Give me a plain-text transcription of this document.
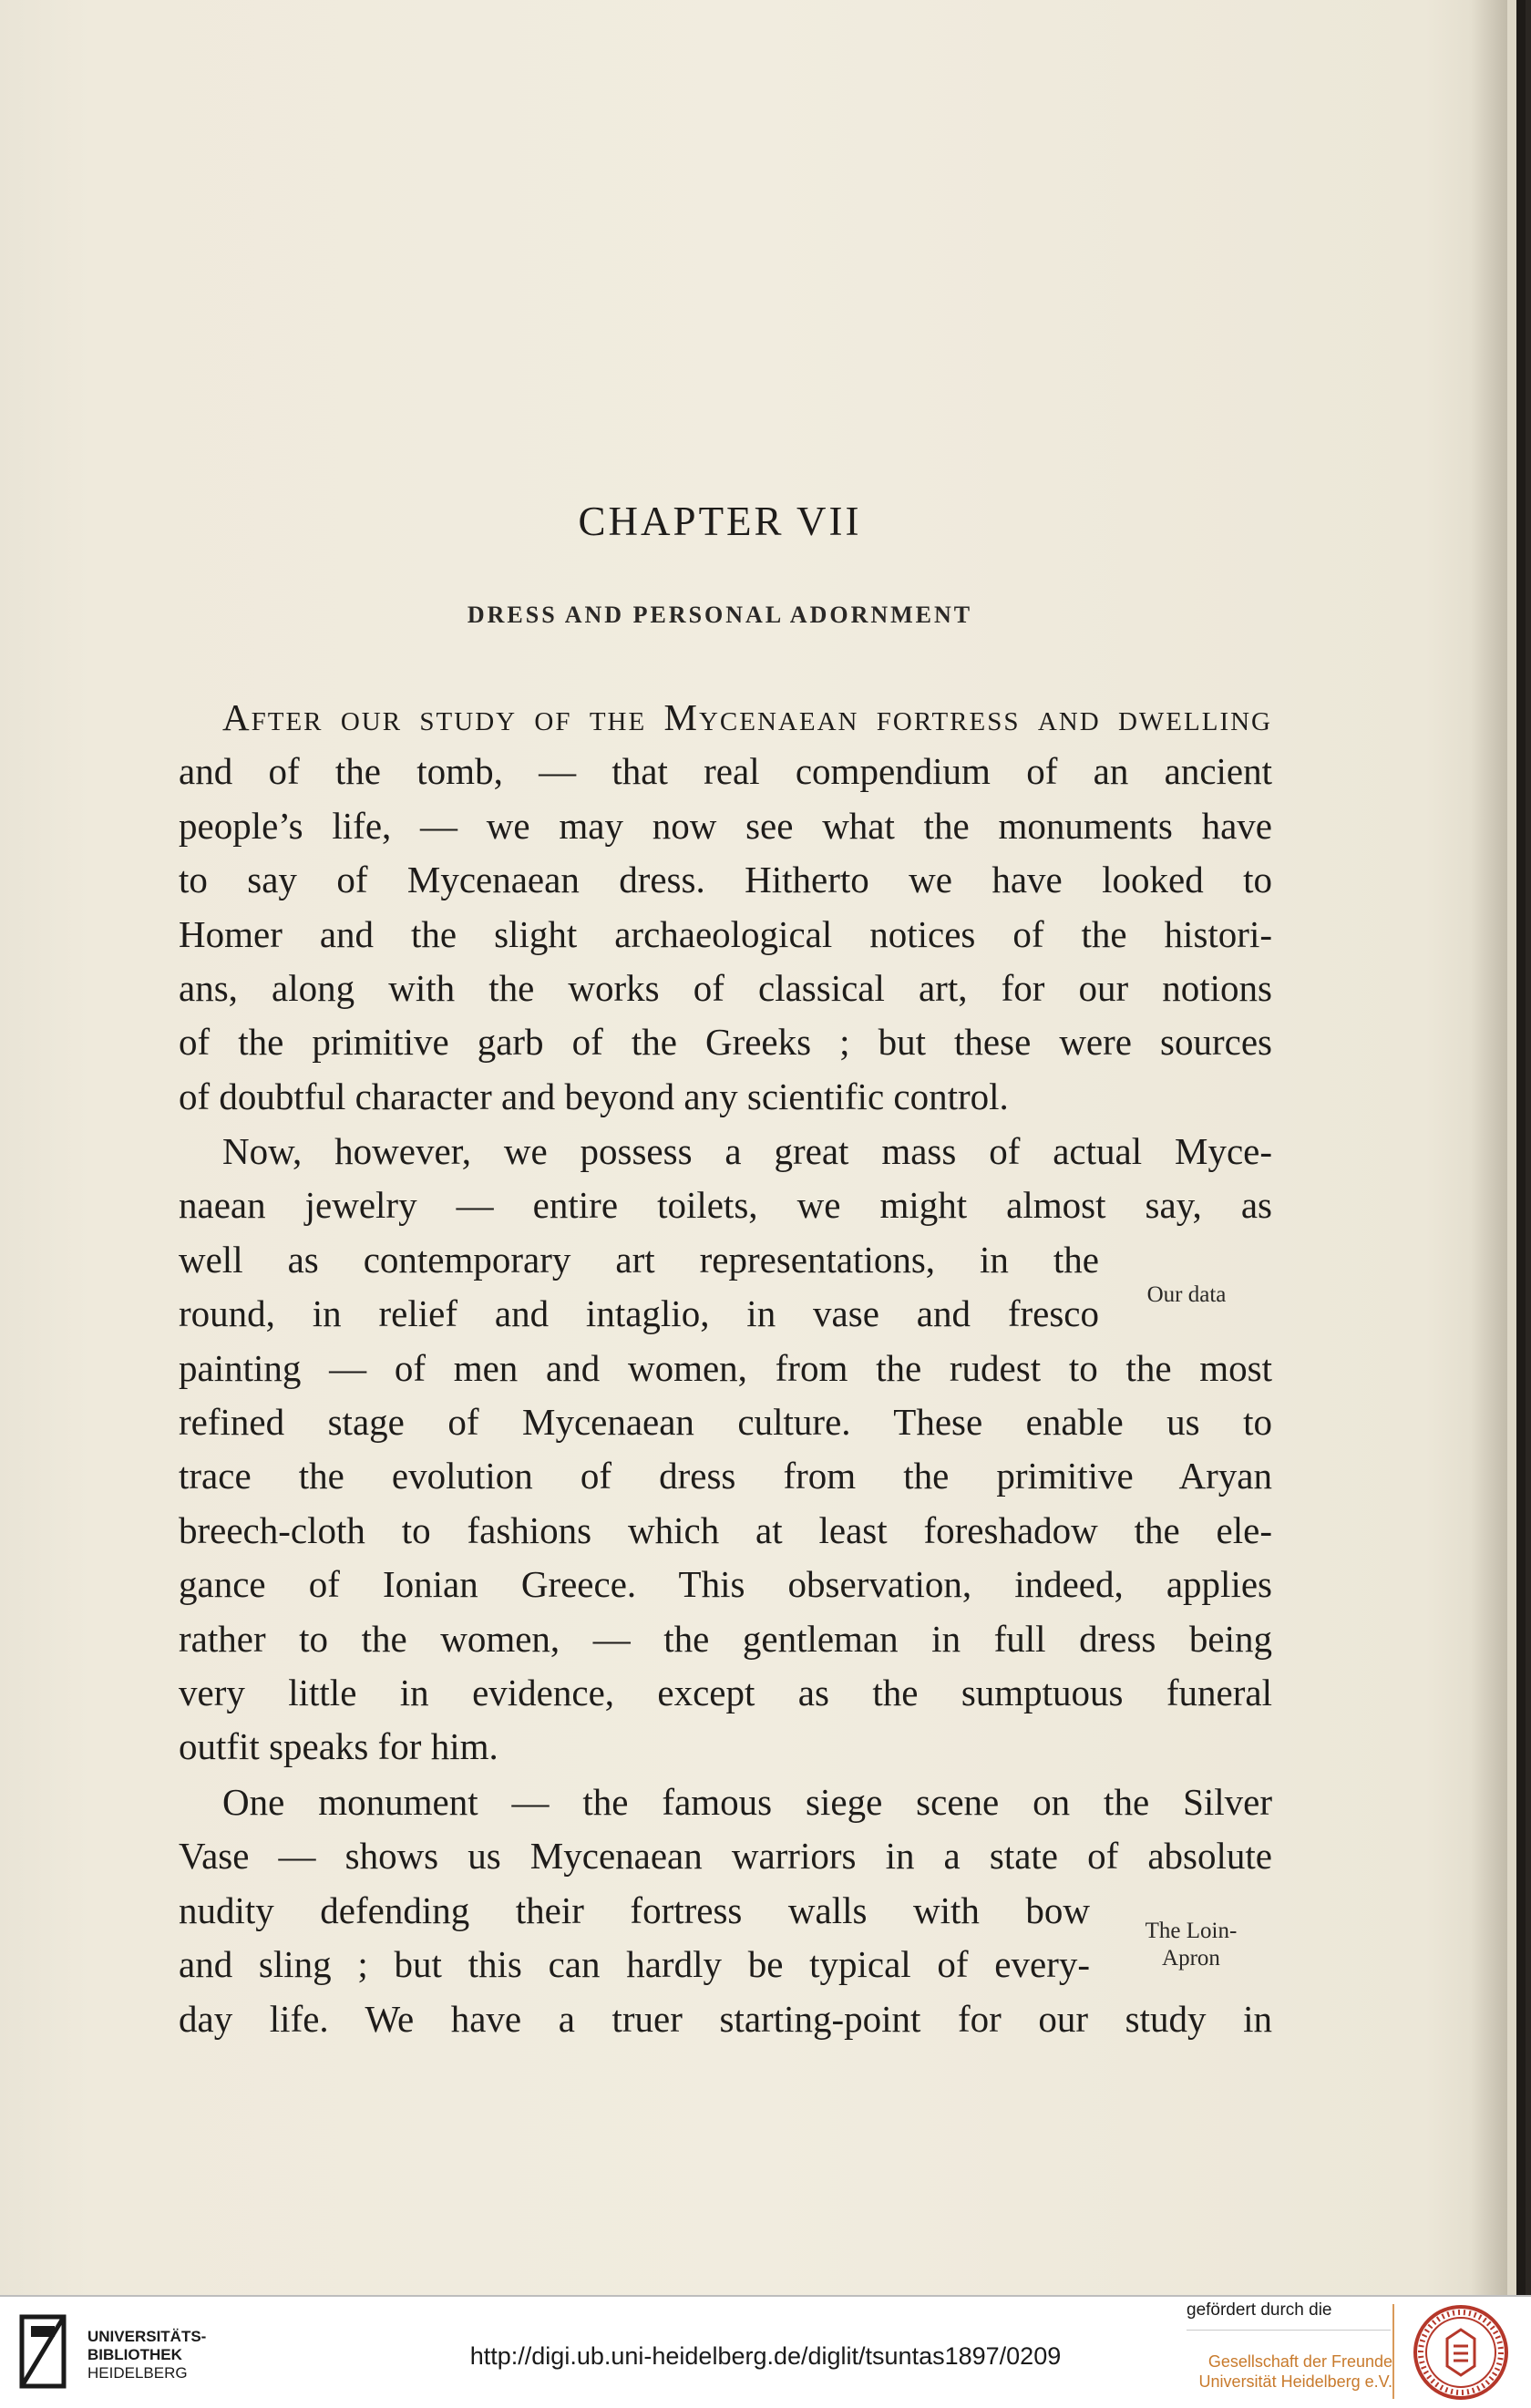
CHAPTER VII
DRESS AND PERSONAL ADORNMENT

After our study of the Mycenaean fortress and dwelling
and of the tomb, — that real compendium of an ancient
people’s life, — we may now see what the monuments have
to say of Mycenaean dress. Hitherto we have looked to
Homer and the slight archaeological notices of the histori-
ans, along with the works of classical art, for our notions
of the primitive garb of the Greeks ; but these were sources
of doubtful character and beyond any scientific control.

Now, however, we possess a great mass of actual Myce-
naean jewelry — entire toilets, we might almost say, as
well as contemporary art representations, in the
round, in relief and intaglio, in vase and fresco
painting — of men and women, from the rudest to the most
refined stage of Mycenaean culture. These enable us to
trace the evolution of dress from the primitive Aryan
breech-cloth to fashions which at least foreshadow the ele-
gance of Ionian Greece. This observation, indeed, applies
rather to the women, — the gentleman in full dress being
very little in evidence, except as the sumptuous funeral
outfit speaks for him.

Our data

One monument — the famous siege scene on the Silver
Vase — shows us Mycenaean warriors in a state of absolute
nudity defending their fortress walls with bow
and sling ; but this can hardly be typical of every-
day life. We have a truer starting-point for our study in

The Loin-
Apron
UNIVERSITÄTS-
BIBLIOTHEK
HEIDELBERG
http://digi.ub.uni-heidelberg.de/diglit/tsuntas1897/0209
gefördert durch die
Gesellschaft der Freunde
Universität Heidelberg e.V.
